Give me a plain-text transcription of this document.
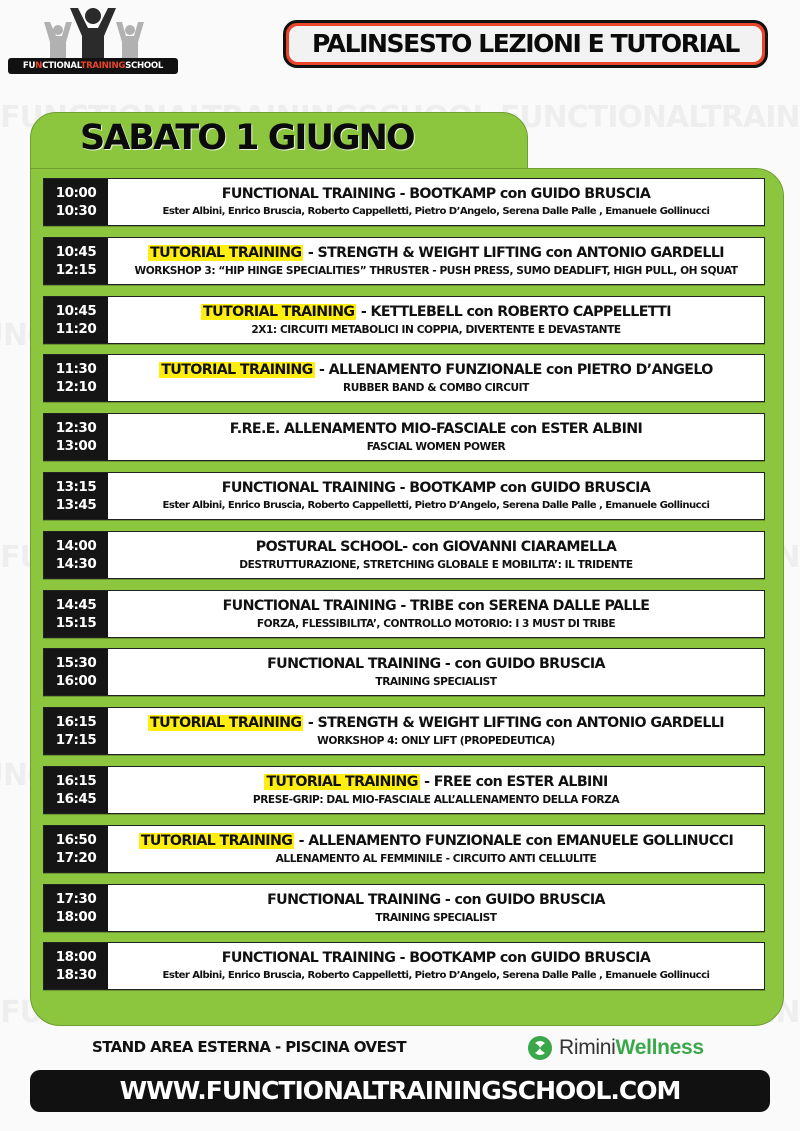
FUNCTIONALTRAININGSCHOOL
PALINSESTO LEZIONI E TUTORIAL
SABATO 1 GIUGNO
10:00
10:30
FUNCTIONAL TRAINING - BOOTKAMP con GUIDO BRUSCIA
Ester Albini, Enrico Bruscia, Roberto Cappelletti, Pietro D’Angelo, Serena Dalle Palle , Emanuele Gollinucci
10:45
12:15
TUTORIAL TRAINING - STRENGTH & WEIGHT LIFTING con ANTONIO GARDELLI
WORKSHOP 3: “HIP HINGE SPECIALITIES” THRUSTER - PUSH PRESS, SUMO DEADLIFT, HIGH PULL, OH SQUAT
10:45
11:20
TUTORIAL TRAINING - KETTLEBELL con ROBERTO CAPPELLETTI
2X1: CIRCUITI METABOLICI IN COPPIA, DIVERTENTE E DEVASTANTE
11:30
12:10
TUTORIAL TRAINING - ALLENAMENTO FUNZIONALE con PIETRO D’ANGELO
RUBBER BAND & COMBO CIRCUIT
12:30
13:00
F.RE.E. ALLENAMENTO MIO-FASCIALE con ESTER ALBINI
FASCIAL WOMEN POWER
13:15
13:45
FUNCTIONAL TRAINING - BOOTKAMP con GUIDO BRUSCIA
Ester Albini, Enrico Bruscia, Roberto Cappelletti, Pietro D’Angelo, Serena Dalle Palle , Emanuele Gollinucci
14:00
14:30
POSTURAL SCHOOL- con GIOVANNI CIARAMELLA
DESTRUTTURAZIONE, STRETCHING GLOBALE E MOBILITA’: IL TRIDENTE
14:45
15:15
FUNCTIONAL TRAINING - TRIBE con SERENA DALLE PALLE
FORZA, FLESSIBILITA’, CONTROLLO MOTORIO: I 3 MUST DI TRIBE
15:30
16:00
FUNCTIONAL TRAINING - con GUIDO BRUSCIA
TRAINING SPECIALIST
16:15
17:15
TUTORIAL TRAINING - STRENGTH & WEIGHT LIFTING con ANTONIO GARDELLI
WORKSHOP 4: ONLY LIFT (PROPEDEUTICA)
16:15
16:45
TUTORIAL TRAINING - FREE con ESTER ALBINI
PRESE-GRIP: DAL MIO-FASCIALE ALL’ALLENAMENTO DELLA FORZA
16:50
17:20
TUTORIAL TRAINING - ALLENAMENTO FUNZIONALE con EMANUELE GOLLINUCCI
ALLENAMENTO AL FEMMINILE - CIRCUITO ANTI CELLULITE
17:30
18:00
FUNCTIONAL TRAINING - con GUIDO BRUSCIA
TRAINING SPECIALIST
18:00
18:30
FUNCTIONAL TRAINING - BOOTKAMP con GUIDO BRUSCIA
Ester Albini, Enrico Bruscia, Roberto Cappelletti, Pietro D’Angelo, Serena Dalle Palle , Emanuele Gollinucci
STAND AREA ESTERNA - PISCINA OVEST	RiminiWellness
WWW.FUNCTIONALTRAININGSCHOOL.COM
